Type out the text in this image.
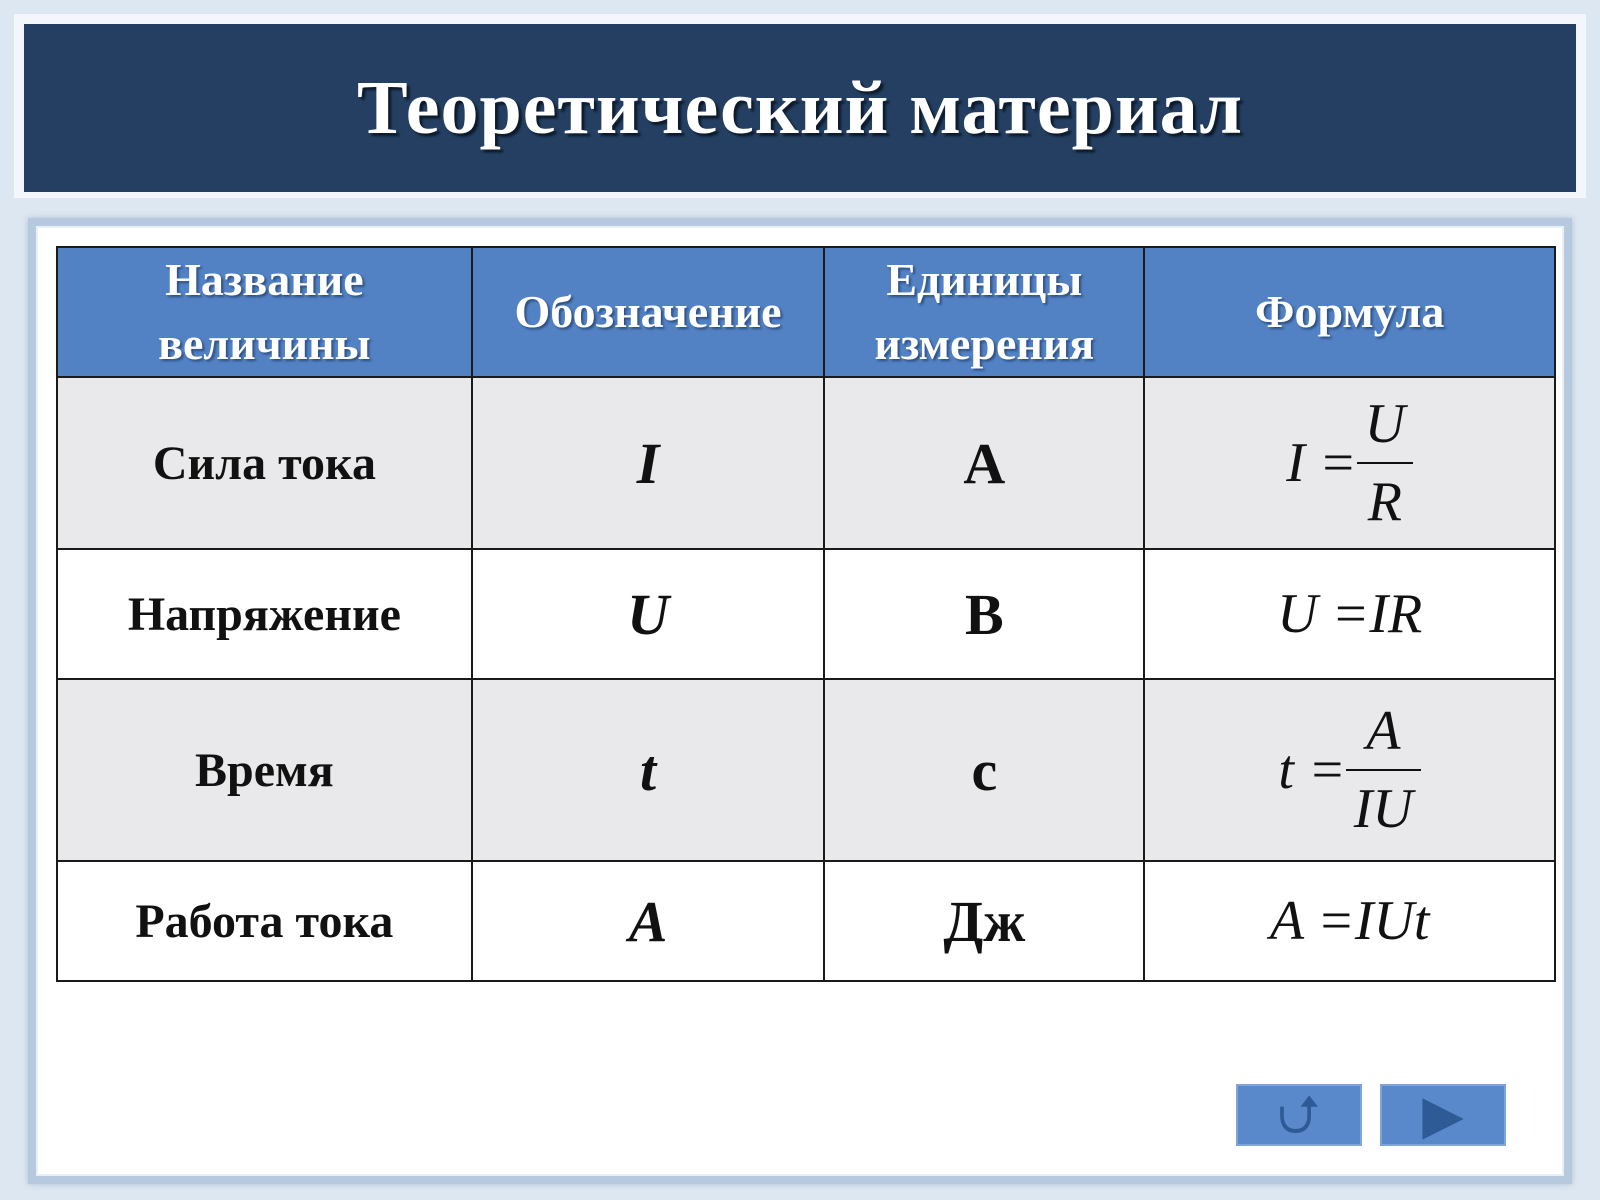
Теоретический материал
Название величины	Обозначение	Единицы измерения	Формула
Сила тока	I	А	$I = \frac{U}{R}$

Напряжение	U	В	U =IR
Время	t	с	$t = \frac{A}{IU}$

Работа тока	A	Дж	A =IUt
⮍ ▶
